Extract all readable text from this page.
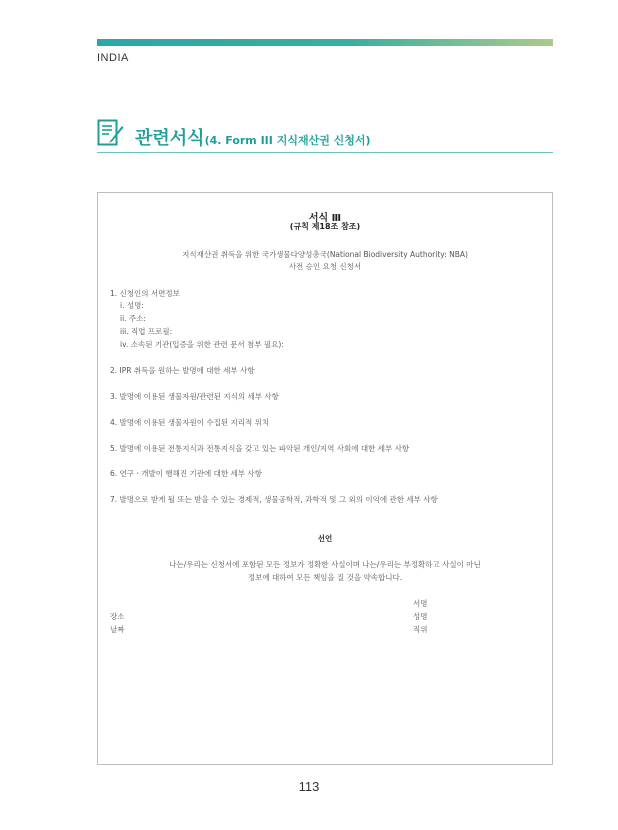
INDIA
관련서식(4. Form III 지식재산권 신청서)
서식 Ⅲ
(규칙 제18조 참조)
지식재산권 취득을 위한 국가생물다양성총국(National Biodiversity Authority: NBA)
사전 승인 요청 신청서
1. 신청인의 서면정보
i. 성명:
ii. 주소:
iii. 직업 프로필:
iv. 소속된 기관(입증을 위한 관련 문서 첨부 필요):
2. IPR 취득을 원하는 발명에 대한 세부 사항
3. 발명에 이용된 생물자원/관련된 지식의 세부 사항
4. 발명에 이용된 생물자원이 수집된 지리적 위치
5. 발명에 이용된 전통지식과 전통지식을 갖고 있는 파악된 개인/지역 사회에 대한 세부 사항
6. 연구ㆍ개발이 행해진 기관에 대한 세부 사항
7. 발명으로 받게 될 또는 받을 수 있는 경제적, 생물공학적, 과학적 및 그 외의 이익에 관한 세부 사항
선언
나는/우리는 신청서에 포함된 모든 정보가 정확한 사실이며 나는/우리는 부정확하고 사실이 아닌
정보에 대하여 모든 책임을 질 것을 약속합니다.
서명
성명
직위
장소
날짜
113
